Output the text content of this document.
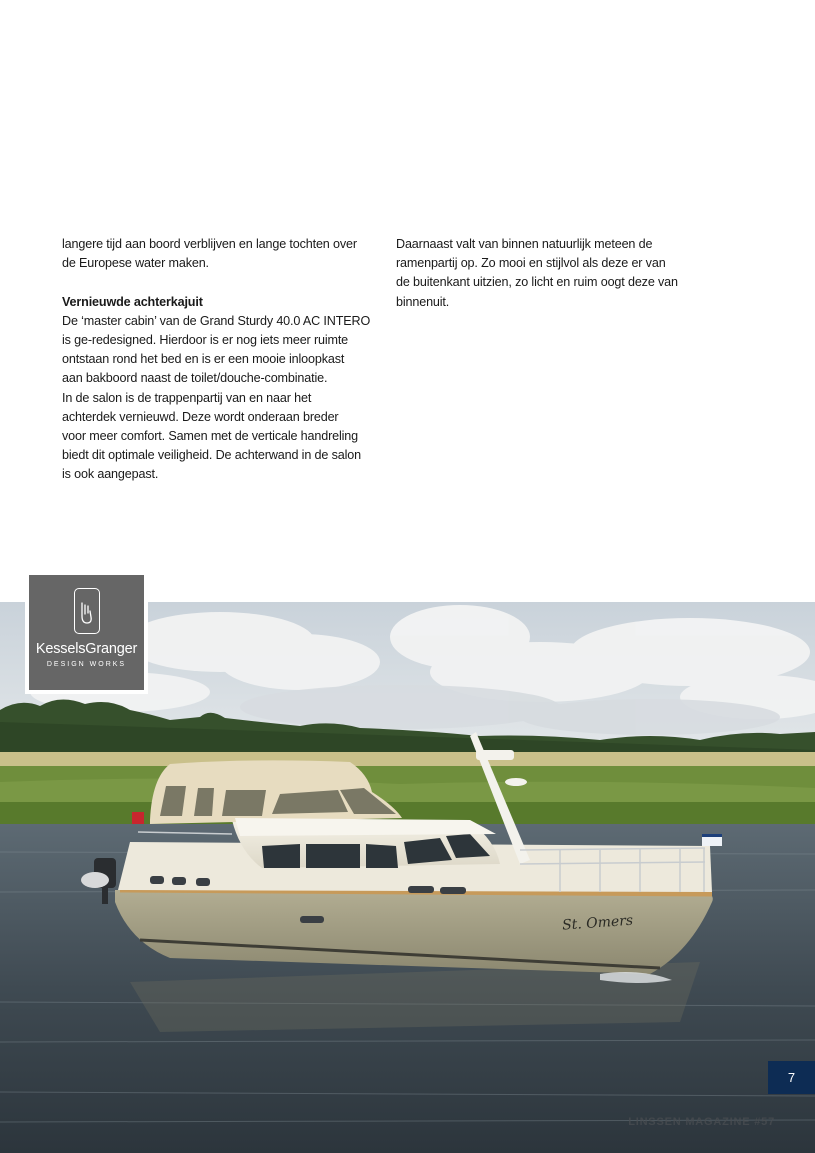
langere tijd aan boord verblijven en lange tochten over

de Europese water maken.

Vernieuwde achterkajuit

De ‘master cabin’ van de Grand Sturdy 40.0 AC INTERO

is ge-redesigned. Hierdoor is er nog iets meer ruimte

ontstaan rond het bed en is er een mooie inloopkast

aan bakboord naast de toilet/douche-combinatie.

In de salon is de trappenpartij van en naar het

achterdek vernieuwd. Deze wordt onderaan breder

voor meer comfort. Samen met de verticale handreling

biedt dit optimale veiligheid. De achterwand in de salon

is ook aangepast.

Daarnaast valt van binnen natuurlijk meteen de

ramenpartij op. Zo mooi en stijlvol als deze er van

de buitenkant uitzien, zo licht en ruim oogt deze van

binnenuit.

St. Omers
KesselsGranger
DESIGN WORKS
7
LINSSEN MAGAZINE #57
